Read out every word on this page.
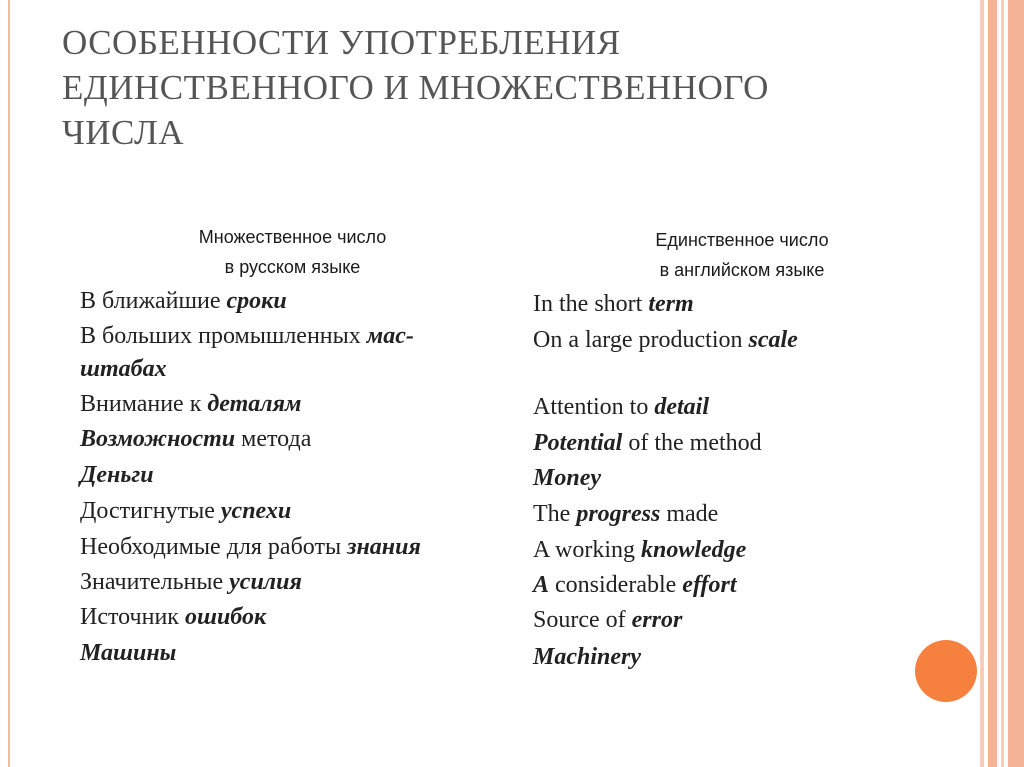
ОСОБЕННОСТИ УПОТРЕБЛЕНИЯ
ЕДИНСТВЕННОГО И МНОЖЕСТВЕННОГО
ЧИСЛА
Множественное число
в русском языке
Единственное число
в английском языке
В ближайшие сроки
В больших промышленных мас-
штабах
Внимание к деталям
Возможности метода
Деньги
Достигнутые успехи
Необходимые для работы знания
Значительные усилия
Источник ошибок
Машины
In the short term
On a large production scale
Attention to detail
Potential of the method
Money
The progress made
A working knowledge
A considerable effort
Source of error
Machinery
